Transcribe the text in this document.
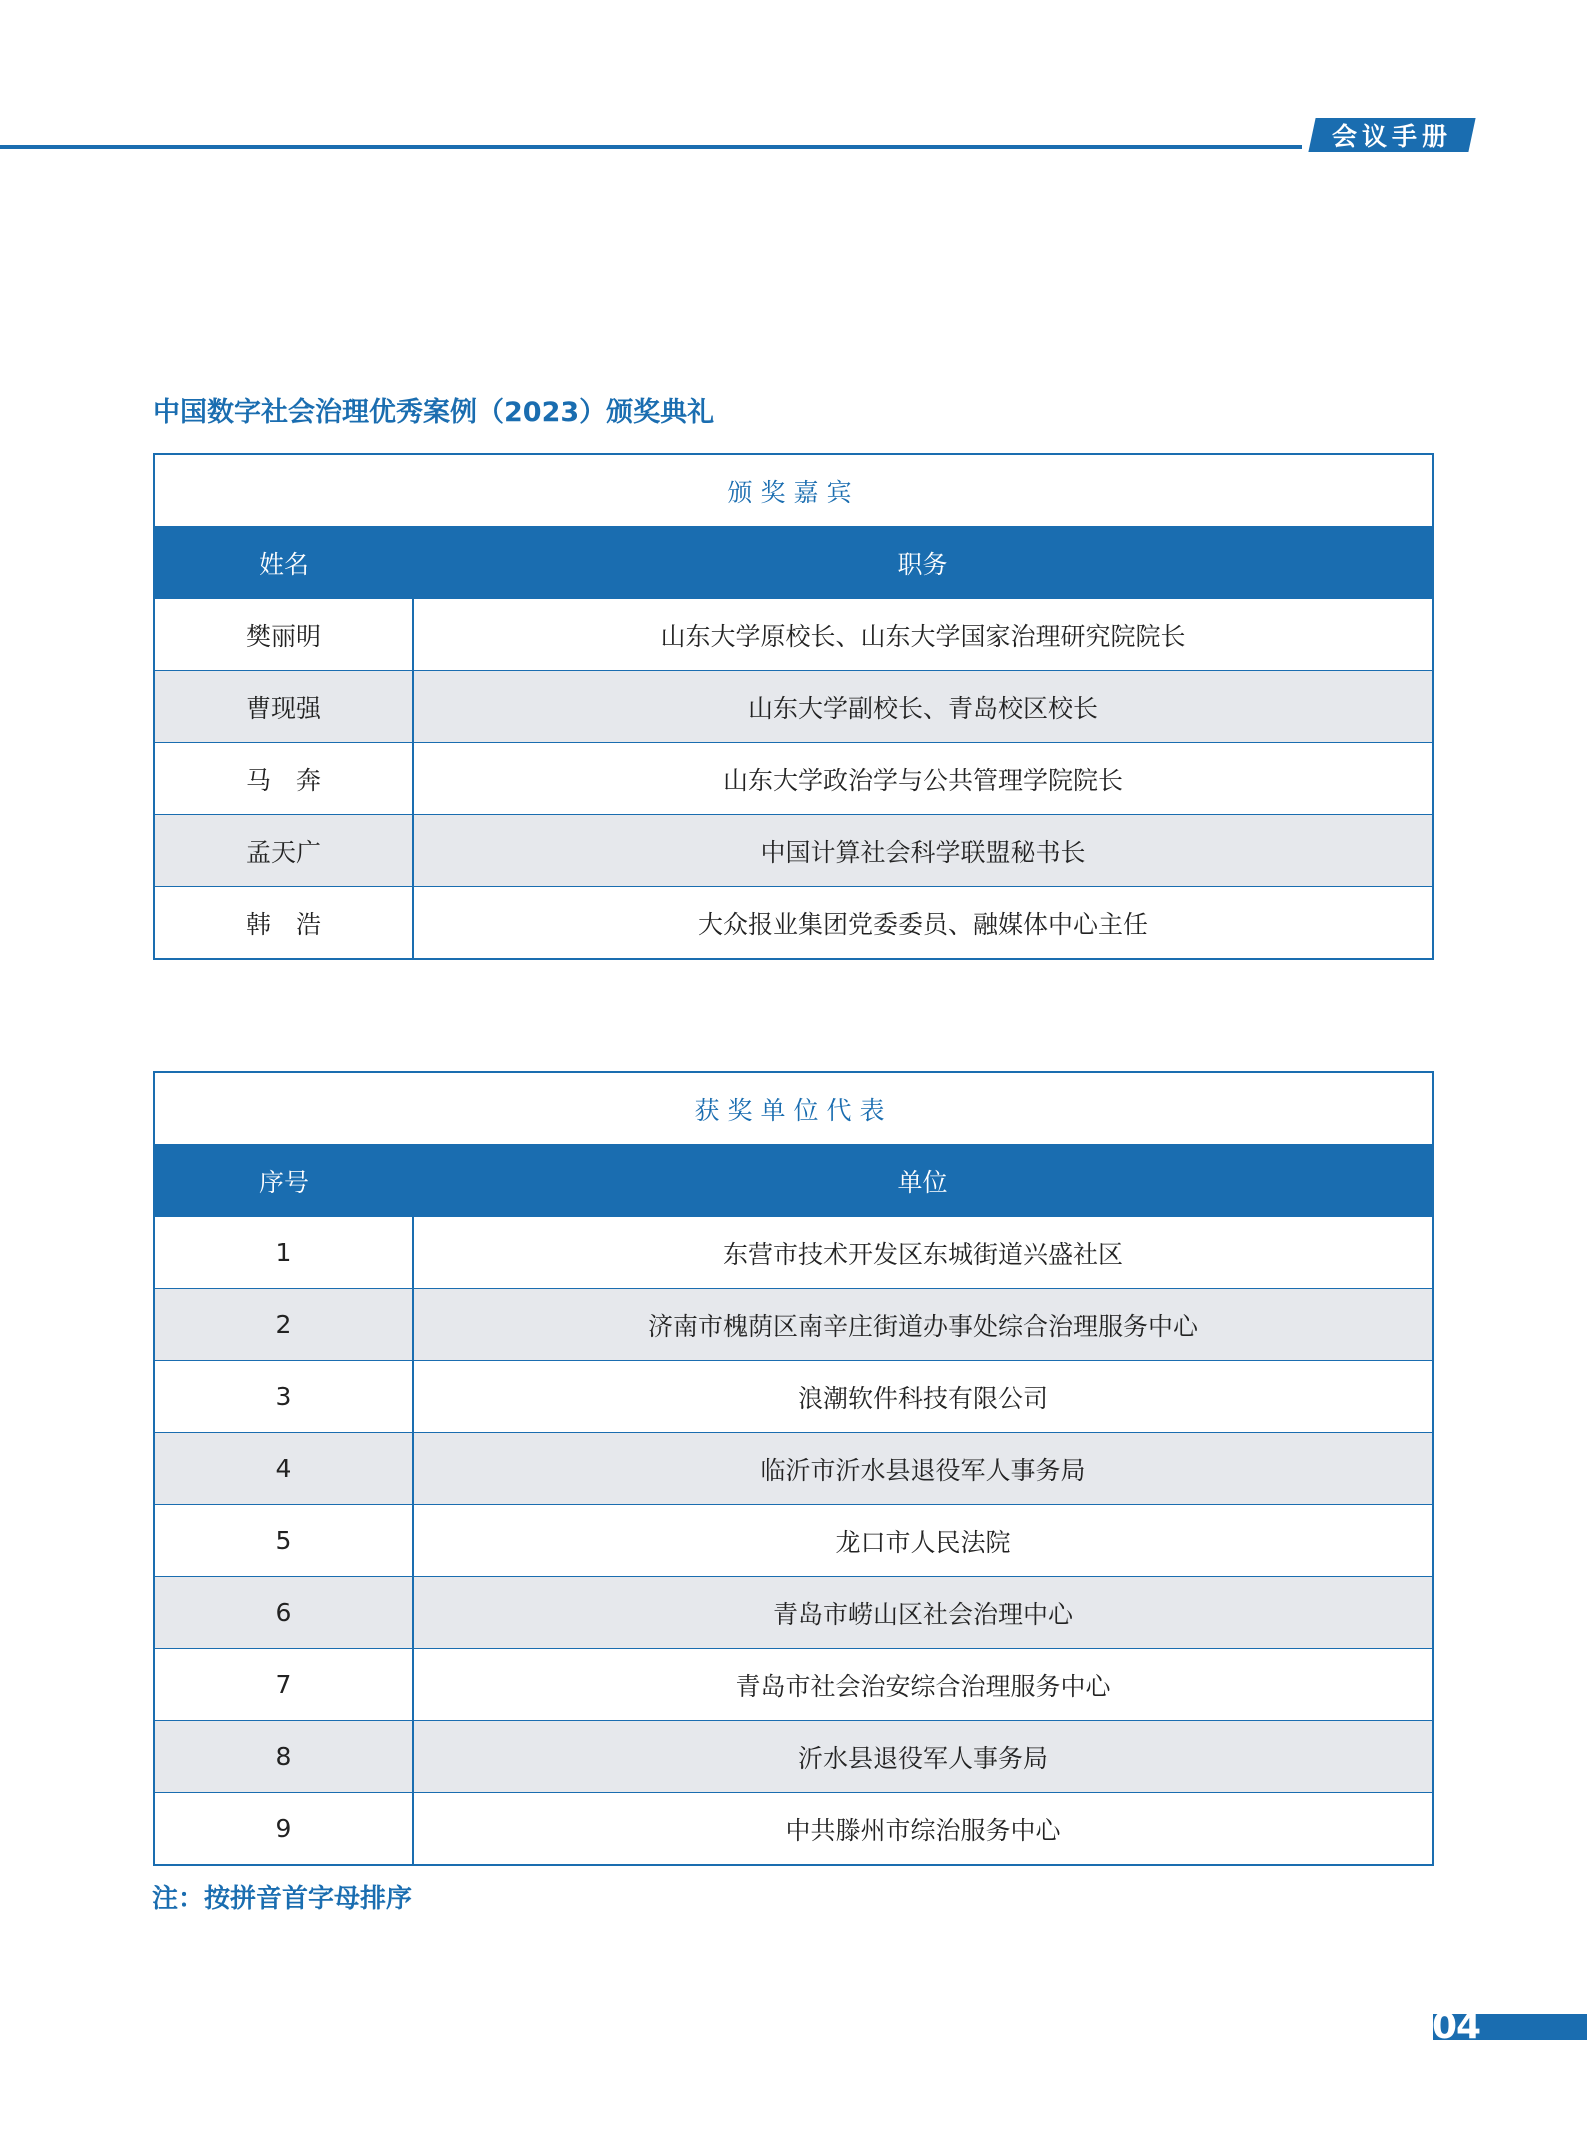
会议手册
中国数字社会治理优秀案例（2023）颁奖典礼
颁奖嘉宾	
姓名	职务
樊丽明	山东大学原校长、山东大学国家治理研究院院长
曹现强	山东大学副校长、青岛校区校长
马　奔	山东大学政治学与公共管理学院院长
孟天广	中国计算社会科学联盟秘书长
韩　浩	大众报业集团党委委员、融媒体中心主任
获奖单位代表	
序号	单位
1	东营市技术开发区东城街道兴盛社区
2	济南市槐荫区南辛庄街道办事处综合治理服务中心
3	浪潮软件科技有限公司
4	临沂市沂水县退役军人事务局
5	龙口市人民法院
6	青岛市崂山区社会治理中心
7	青岛市社会治安综合治理服务中心
8	沂水县退役军人事务局
9	中共滕州市综治服务中心
注：按拼音首字母排序
04
